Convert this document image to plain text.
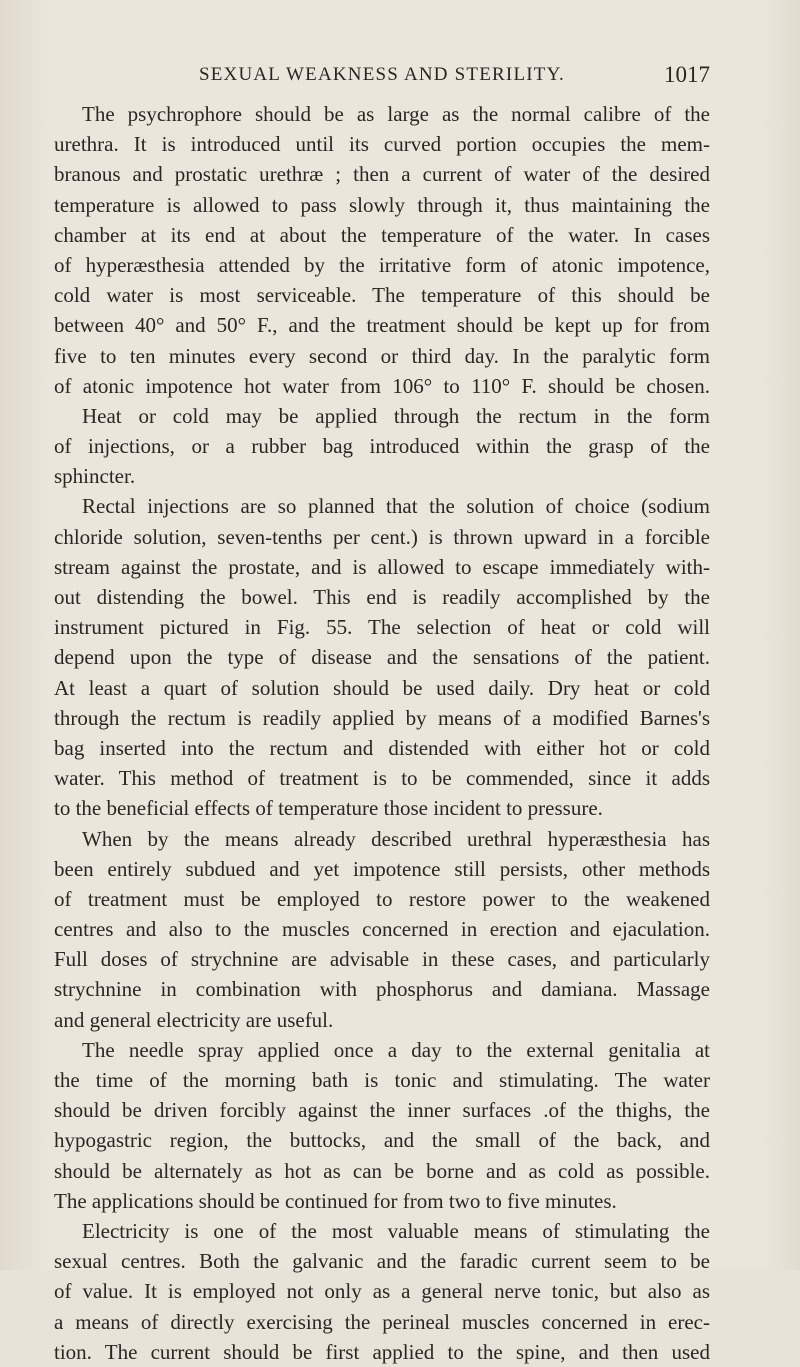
SEXUAL WEAKNESS AND STERILITY.	1017
The psychrophore should be as large as the normal calibre of the
urethra. It is introduced until its curved portion occupies the mem-
branous and prostatic urethræ ; then a current of water of the desired
temperature is allowed to pass slowly through it, thus maintaining the
chamber at its end at about the temperature of the water. In cases
of hyperæsthesia attended by the irritative form of atonic impotence,
cold water is most serviceable. The temperature of this should be
between 40° and 50° F., and the treatment should be kept up for from
five to ten minutes every second or third day. In the paralytic form
of atonic impotence hot water from 106° to 110° F. should be chosen.
Heat or cold may be applied through the rectum in the form
of injections, or a rubber bag introduced within the grasp of the
sphincter.
Rectal injections are so planned that the solution of choice (sodium
chloride solution, seven-tenths per cent.) is thrown upward in a forcible
stream against the prostate, and is allowed to escape immediately with-
out distending the bowel. This end is readily accomplished by the
instrument pictured in Fig. 55. The selection of heat or cold will
depend upon the type of disease and the sensations of the patient.
At least a quart of solution should be used daily. Dry heat or cold
through the rectum is readily applied by means of a modified Barnes's
bag inserted into the rectum and distended with either hot or cold
water. This method of treatment is to be commended, since it adds
to the beneficial effects of temperature those incident to pressure.
When by the means already described urethral hyperæsthesia has
been entirely subdued and yet impotence still persists, other methods
of treatment must be employed to restore power to the weakened
centres and also to the muscles concerned in erection and ejaculation.
Full doses of strychnine are advisable in these cases, and particularly
strychnine in combination with phosphorus and damiana. Massage
and general electricity are useful.
The needle spray applied once a day to the external genitalia at
the time of the morning bath is tonic and stimulating. The water
should be driven forcibly against the inner surfaces .of the thighs, the
hypogastric region, the buttocks, and the small of the back, and
should be alternately as hot as can be borne and as cold as possible.
The applications should be continued for from two to five minutes.
Electricity is one of the most valuable means of stimulating the
sexual centres. Both the galvanic and the faradic current seem to be
of value. It is employed not only as a general nerve tonic, but also as
a means of directly exercising the perineal muscles concerned in erec-
tion. The current should be first applied to the spine, and then used
